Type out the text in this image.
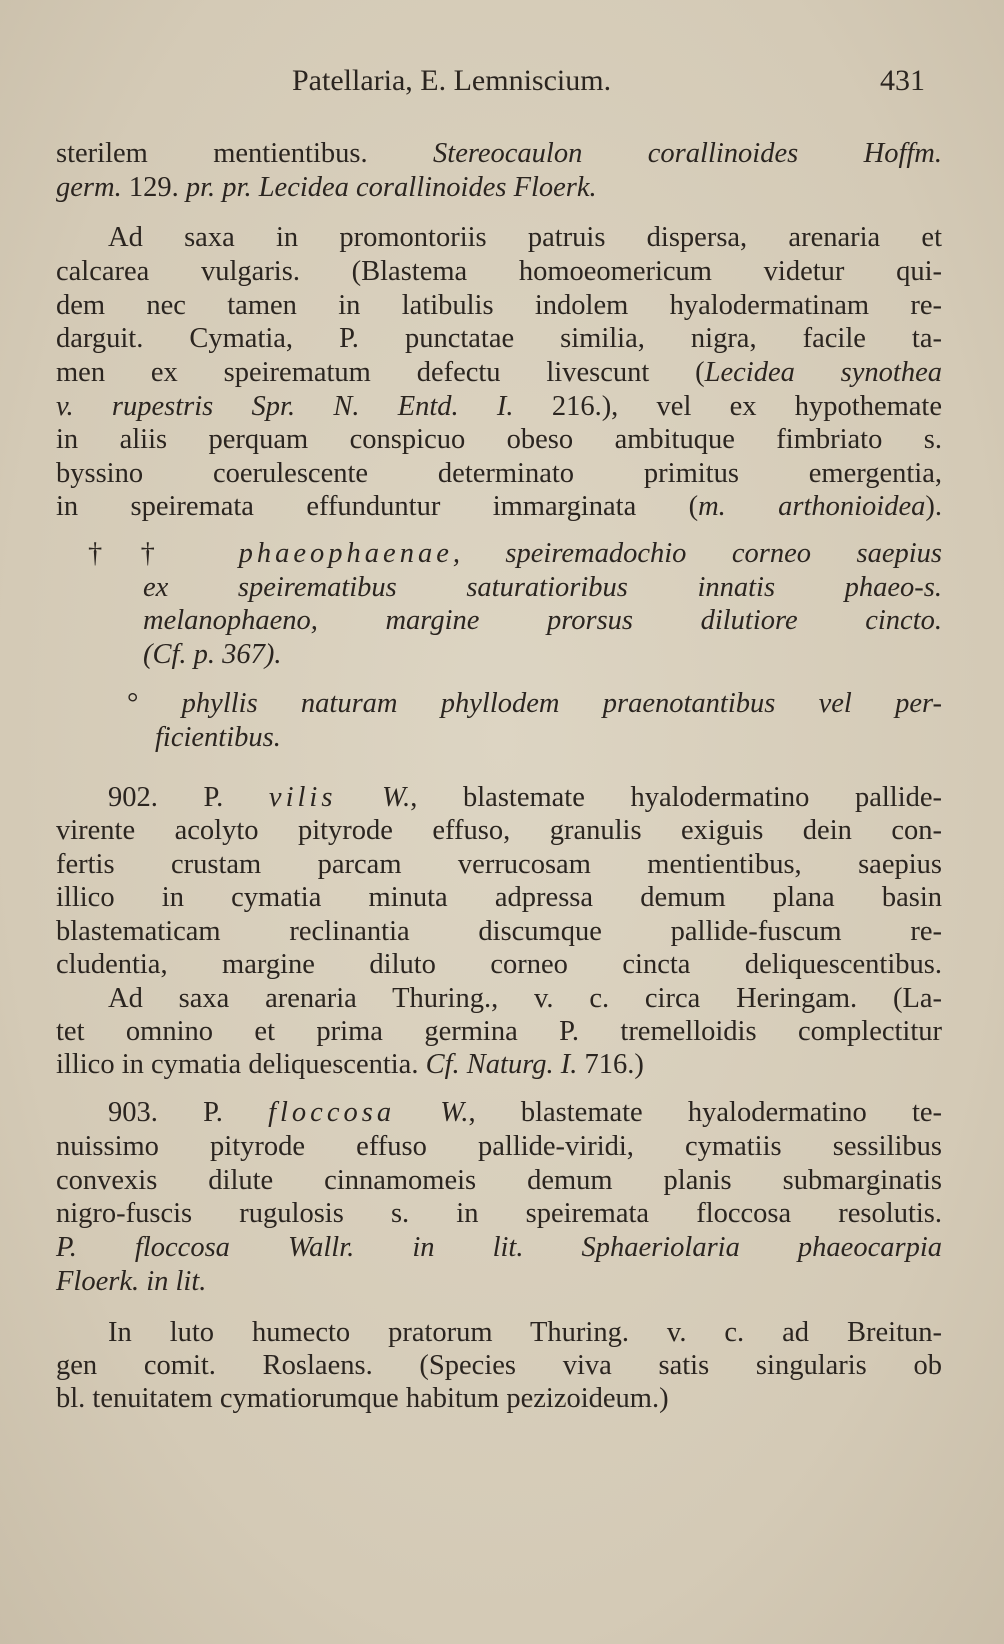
Patellaria, E. Lemniscium.	431
sterilem mentientibus. Stereocaulon corallinoides Hoffm.
germ. 129. pr. pr. Lecidea corallinoides Floerk.
Ad saxa in promontoriis patruis dispersa, arenaria et
calcarea vulgaris. (Blastema homoeomericum videtur qui-
dem nec tamen in latibulis indolem hyalodermatinam re-
darguit. Cymatia, P. punctatae similia, nigra, facile ta-
men ex speirematum defectu livescunt (Lecidea synothea
v. rupestris Spr. N. Entd. I. 216.), vel ex hypothemate
in aliis perquam conspicuo obeso ambituque fimbriato s.
byssino coerulescente determinato primitus emergentia,
in speiremata effunduntur immarginata (m. arthonioidea).
†† phaeophaenae, speiremadochio corneo saepius
ex speirematibus saturatioribus innatis phaeo-s.
melanophaeno, margine prorsus dilutiore cincto.
(Cf. p. 367).
° phyllis naturam phyllodem praenotantibus vel per-
ficientibus.
902. P. vilis W., blastemate hyalodermatino pallide-
virente acolyto pityrode effuso, granulis exiguis dein con-
fertis crustam parcam verrucosam mentientibus, saepius
illico in cymatia minuta adpressa demum plana basin
blastematicam reclinantia discumque pallide-fuscum re-
cludentia, margine diluto corneo cincta deliquescentibus.
Ad saxa arenaria Thuring., v. c. circa Heringam. (La-
tet omnino et prima germina P. tremelloidis complectitur
illico in cymatia deliquescentia. Cf. Naturg. I. 716.)
903. P. floccosa W., blastemate hyalodermatino te-
nuissimo pityrode effuso pallide-viridi, cymatiis sessilibus
convexis dilute cinnamomeis demum planis submarginatis
nigro-fuscis rugulosis s. in speiremata floccosa resolutis.
P. floccosa Wallr. in lit. Sphaeriolaria phaeocarpia
Floerk. in lit.
In luto humecto pratorum Thuring. v. c. ad Breitun-
gen comit. Roslaens. (Species viva satis singularis ob
bl. tenuitatem cymatiorumque habitum pezizoideum.)
